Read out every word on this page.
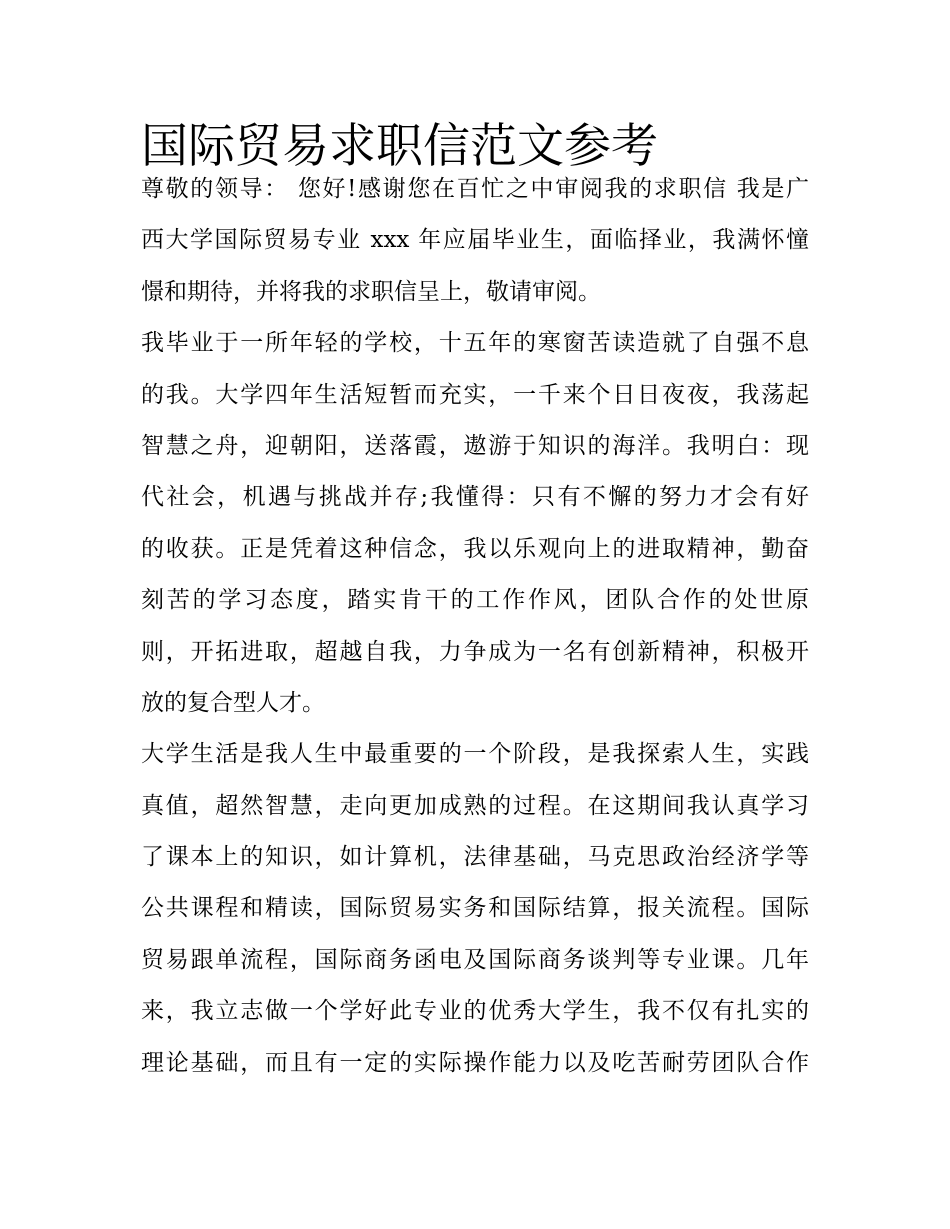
国际贸易求职信范文参考
尊敬的领导： 您好!感谢您在百忙之中审阅我的求职信 我是广
西大学国际贸易专业 xxx 年应届毕业生，面临择业，我满怀憧
憬和期待，并将我的求职信呈上，敬请审阅。
我毕业于一所年轻的学校，十五年的寒窗苦读造就了自强不息
的我。大学四年生活短暂而充实，一千来个日日夜夜，我荡起
智慧之舟，迎朝阳，送落霞，遨游于知识的海洋。我明白：现
代社会，机遇与挑战并存;我懂得：只有不懈的努力才会有好
的收获。正是凭着这种信念，我以乐观向上的进取精神，勤奋
刻苦的学习态度，踏实肯干的工作作风，团队合作的处世原
则，开拓进取，超越自我，力争成为一名有创新精神，积极开
放的复合型人才。
大学生活是我人生中最重要的一个阶段，是我探索人生，实践
真值，超然智慧，走向更加成熟的过程。在这期间我认真学习
了课本上的知识，如计算机，法律基础，马克思政治经济学等
公共课程和精读，国际贸易实务和国际结算，报关流程。国际
贸易跟单流程，国际商务函电及国际商务谈判等专业课。几年
来，我立志做一个学好此专业的优秀大学生，我不仅有扎实的
理论基础，而且有一定的实际操作能力以及吃苦耐劳团队合作
